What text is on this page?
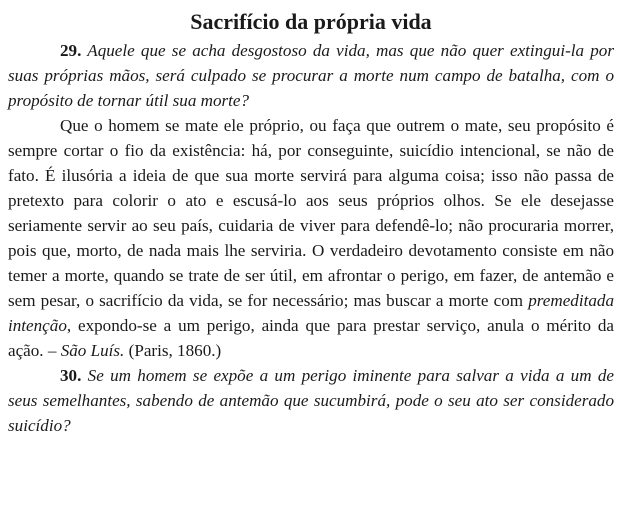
Sacrifício da própria vida

29. Aquele que se acha desgostoso da vida, mas que não quer extingui-la por suas próprias mãos, será culpado se procurar a morte num campo de batalha, com o propósito de tornar útil sua morte?

Que o homem se mate ele próprio, ou faça que outrem o mate, seu propósito é sempre cortar o fio da existência: há, por conseguinte, suicídio intencional, se não de fato. É ilusória a ideia de que sua morte servirá para alguma coisa; isso não passa de pretexto para colorir o ato e escusá-lo aos seus próprios olhos. Se ele desejasse seriamente servir ao seu país, cuidaria de viver para defendê-lo; não procuraria morrer, pois que, morto, de nada mais lhe serviria. O verdadeiro devotamento consiste em não temer a morte, quando se trate de ser útil, em afrontar o perigo, em fazer, de antemão e sem pesar, o sacrifício da vida, se for necessário; mas buscar a morte com premeditada intenção, expondo-se a um perigo, ainda que para prestar serviço, anula o mérito da ação. – São Luís. (Paris, 1860.)

30. Se um homem se expõe a um perigo iminente para salvar a vida a um de seus semelhantes, sabendo de antemão que sucumbirá, pode o seu ato ser considerado suicídio?
